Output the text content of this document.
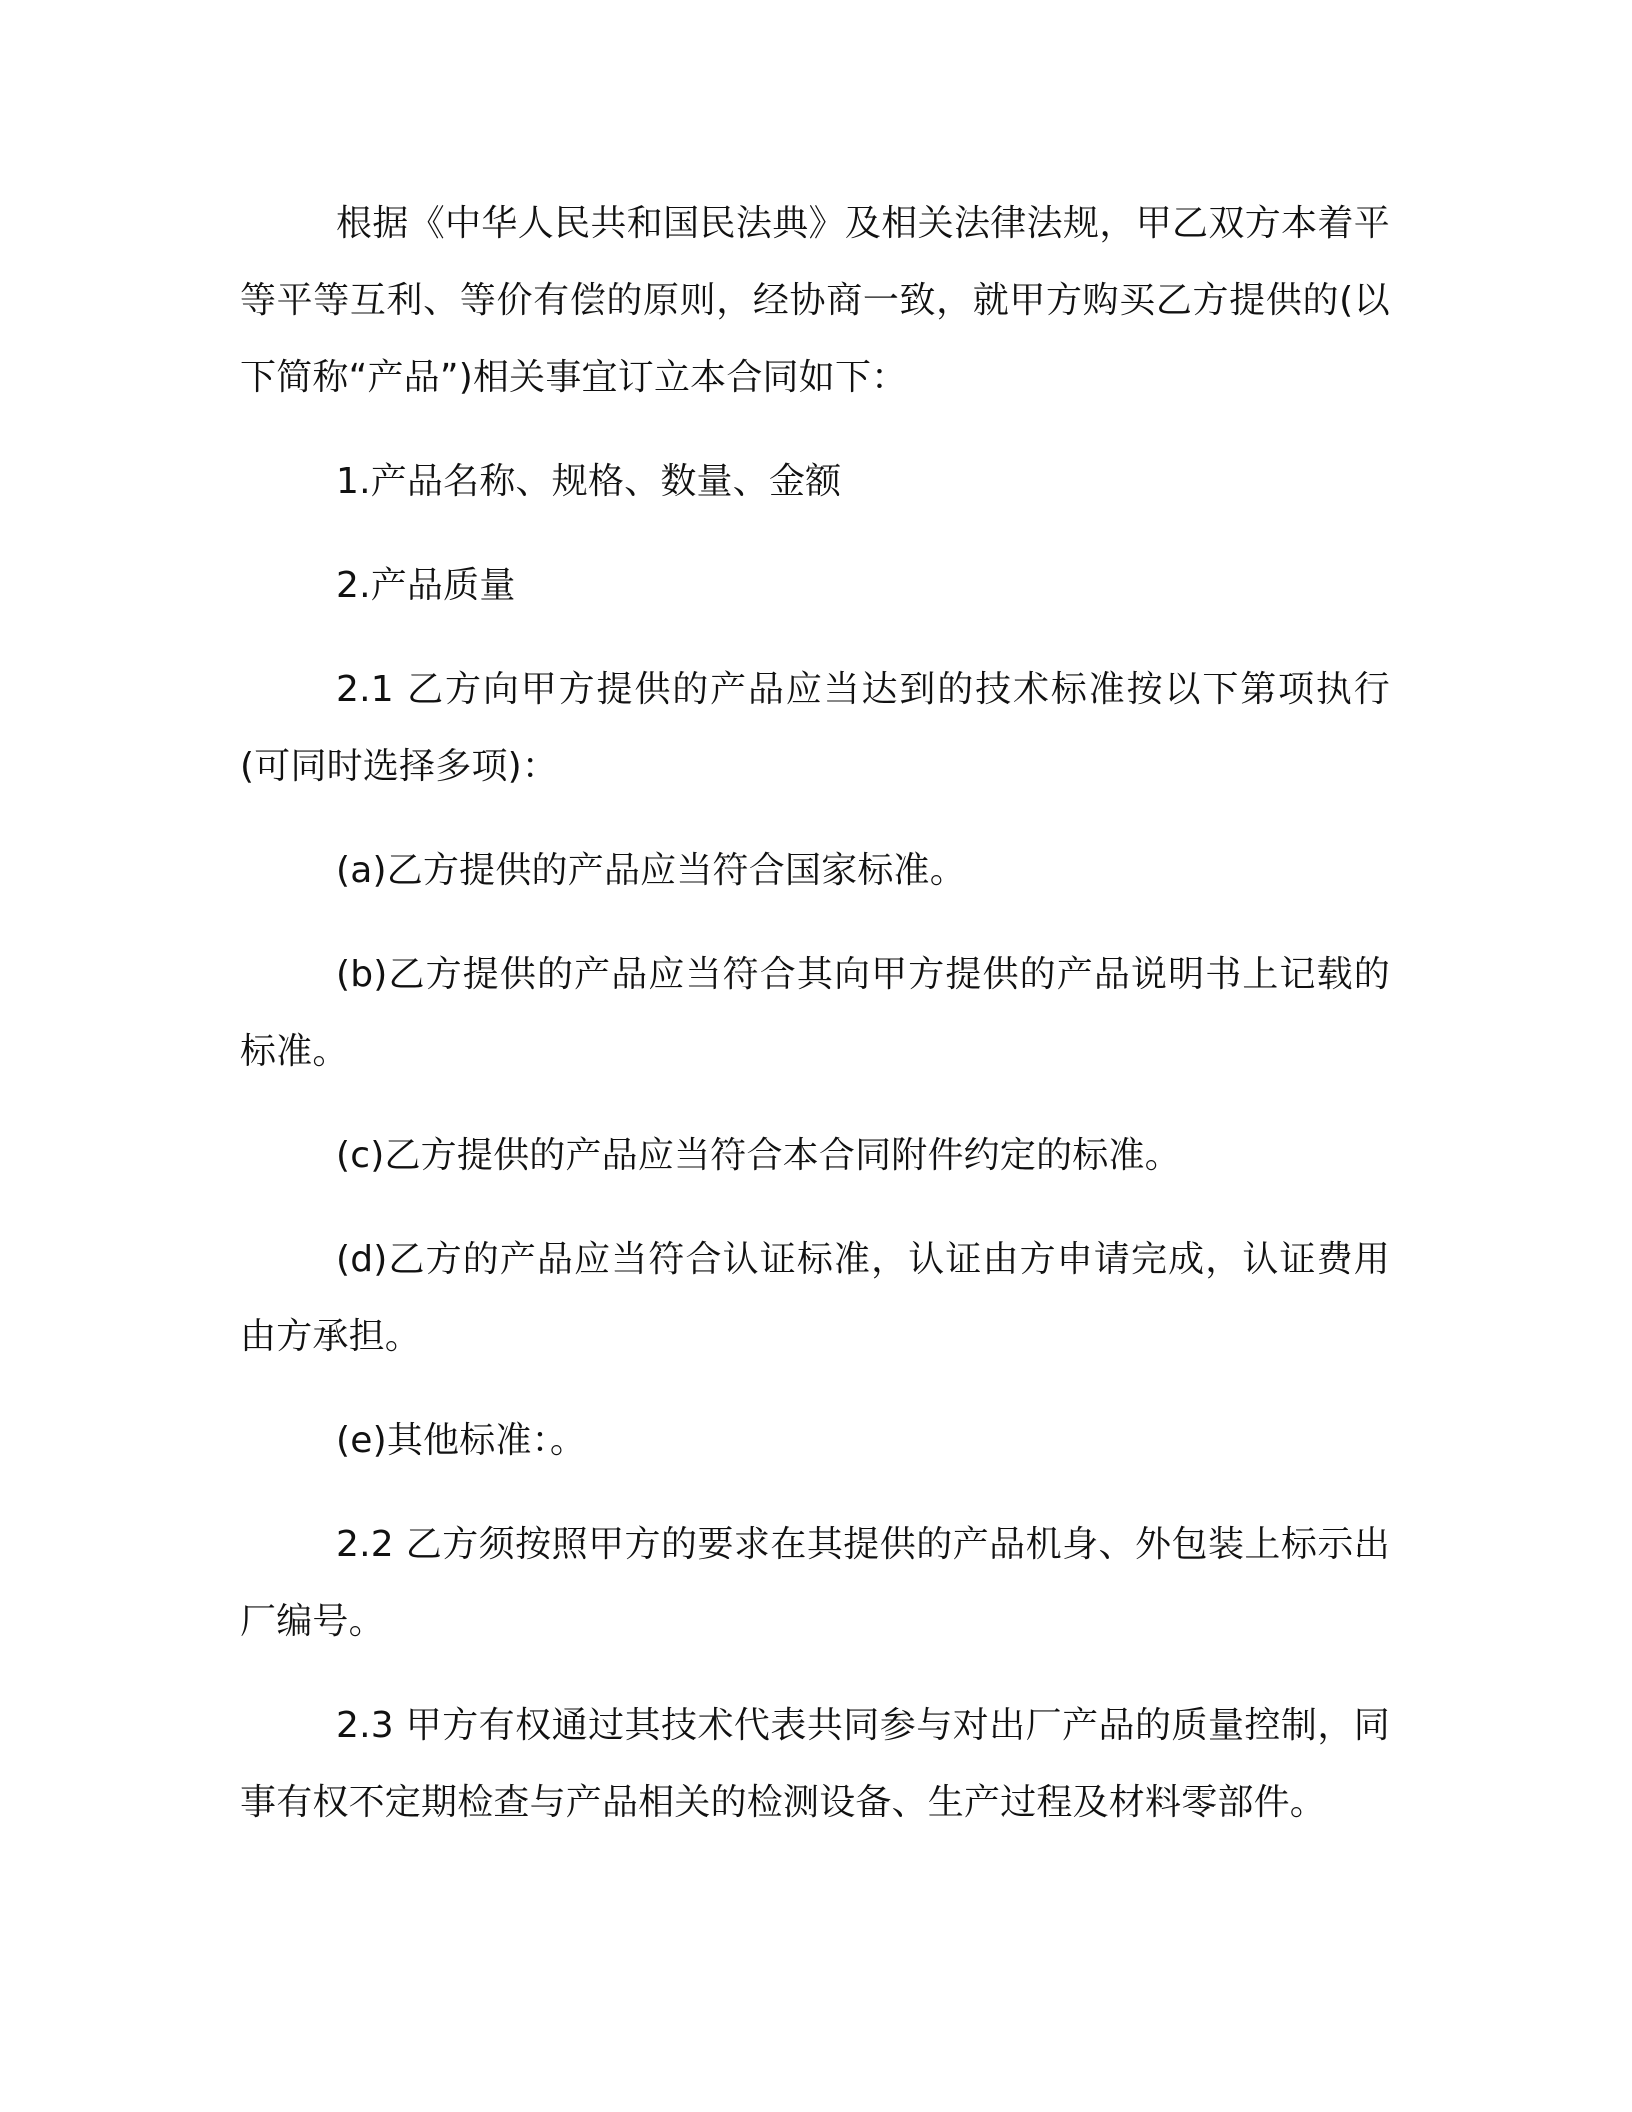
根据《中华人民共和国民法典》及相关法律法规，甲乙双方本着平等平等互利、等价有偿的原则，经协商一致，就甲方购买乙方提供的(以下简称“产品”)相关事宜订立本合同如下：

1.产品名称、规格、数量、金额

2.产品质量

2.1 乙方向甲方提供的产品应当达到的技术标准按以下第项执行(可同时选择多项)：

(a)乙方提供的产品应当符合国家标准。

(b)乙方提供的产品应当符合其向甲方提供的产品说明书上记载的标准。

(c)乙方提供的产品应当符合本合同附件约定的标准。

(d)乙方的产品应当符合认证标准，认证由方申请完成，认证费用由方承担。

(e)其他标准：。

2.2 乙方须按照甲方的要求在其提供的产品机身、外包装上标示出厂编号。

2.3 甲方有权通过其技术代表共同参与对出厂产品的质量控制，同事有权不定期检查与产品相关的检测设备、生产过程及材料零部件。
